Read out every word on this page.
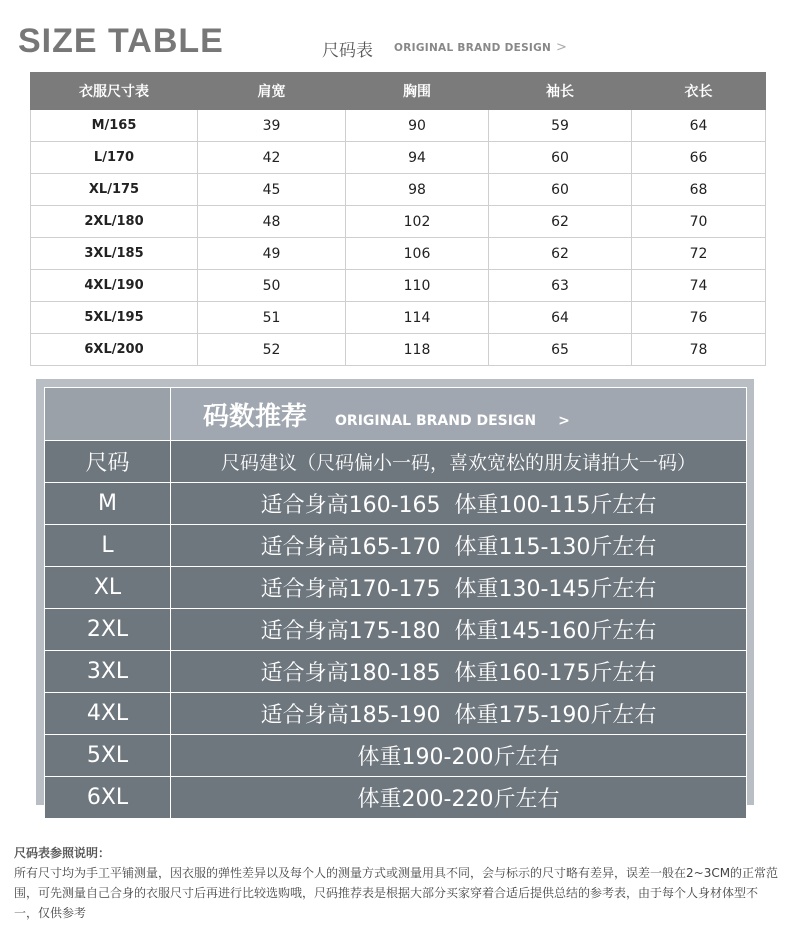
SIZE TABLE	尺码表 ORIGINAL BRAND DESIGN >
衣服尺寸表	肩宽	胸围	袖长	衣长
M/165	39	90	59	64
L/170	42	94	60	66
XL/175	45	98	60	68
2XL/180	48	102	62	70
3XL/185	49	106	62	72
4XL/190	50	110	63	74
5XL/195	51	114	64	76
6XL/200	52	118	65	78
	码数推荐 ORIGINAL BRAND DESIGN >
尺码	尺码建议（尺码偏小一码，喜欢宽松的朋友请拍大一码）
M	适合身高160-165  体重100-115斤左右
L	适合身高165-170  体重115-130斤左右
XL	适合身高170-175  体重130-145斤左右
2XL	适合身高175-180  体重145-160斤左右
3XL	适合身高180-185  体重160-175斤左右
4XL	适合身高185-190  体重175-190斤左右
5XL	体重190-200斤左右
6XL	体重200-220斤左右
尺码表参照说明：
所有尺寸均为手工平铺测量，因衣服的弹性差异以及每个人的测量方式或测量用具不同，会与标示的尺寸略有差异，误差一般在2~3CM的正常范围，可先测量自己合身的衣服尺寸后再进行比较选购哦，尺码推荐表是根据大部分买家穿着合适后提供总结的参考表，由于每个人身材体型不一，仅供参考
